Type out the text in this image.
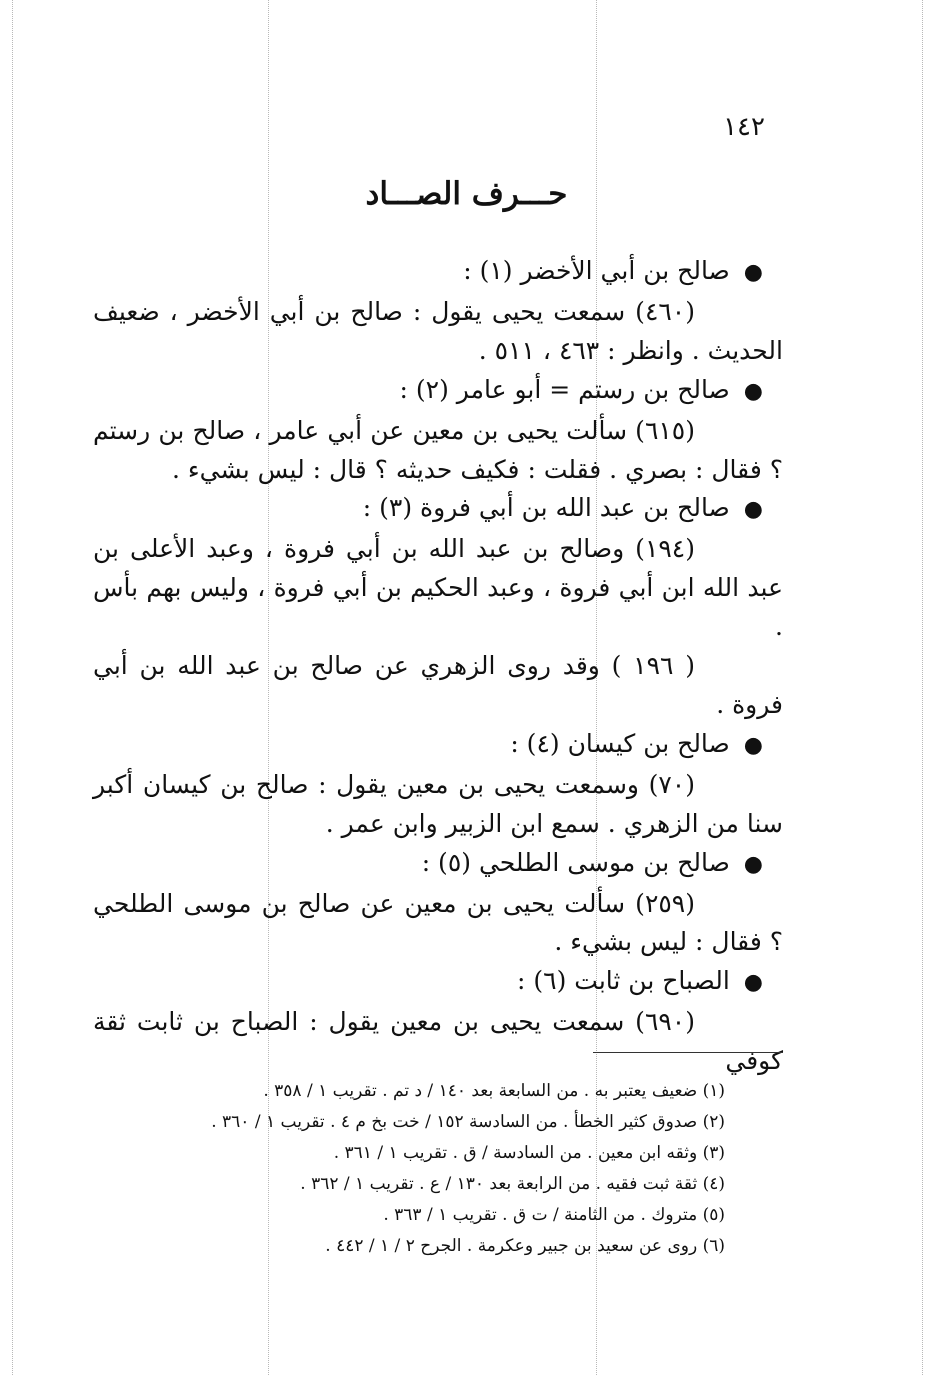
١٤٢
حـــرف الصـــاد

●صالح بن أبي الأخضر (١) :

(٤٦٠) سمعت يحيى يقول : صالح بن أبي الأخضر ، ضعيف الحديث . وانظر : ٤٦٣ ، ٥١١ .

●صالح بن رستم = أبو عامر (٢) :

(٦١٥) سألت يحيى بن معين عن أبي عامر ، صالح بن رستم ؟ فقال : بصري . فقلت : فكيف حديثه ؟ قال : ليس بشيء .

●صالح بن عبد الله بن أبي فروة (٣) :

(١٩٤) وصالح بن عبد الله بن أبي فروة ، وعبد الأعلى بن عبد الله ابن أبي فروة ، وعبد الحكيم بن أبي فروة ، وليس بهم بأس .

( ١٩٦ ) وقد روى الزهري عن صالح بن عبد الله بن أبي فروة .

●صالح بن كيسان (٤) :

(٧٠) وسمعت يحيى بن معين يقول : صالح بن كيسان أكبر سنا من الزهري . سمع ابن الزبير وابن عمر .

●صالح بن موسى الطلحي (٥) :

(٢٥٩) سألت يحيى بن معين عن صالح بن موسى الطلحي ؟ فقال : ليس بشيء .

●الصباح بن ثابت (٦) :

(٦٩٠) سمعت يحيى بن معين يقول : الصباح بن ثابت ثقة كوفي

(١) ضعيف يعتبر به . من السابعة بعد ١٤٠ / د تم . تقريب ١ / ٣٥٨ .

(٢) صدوق كثير الخطأ . من السادسة ١٥٢ / خت بخ م ٤ . تقريب ١ / ٣٦٠ .

(٣) وثقه ابن معين . من السادسة / ق . تقريب ١ / ٣٦١ .

(٤) ثقة ثبت فقيه . من الرابعة بعد ١٣٠ / ع . تقريب ١ / ٣٦٢ .

(٥) متروك . من الثامنة / ت ق . تقريب ١ / ٣٦٣ .

(٦) روى عن سعيد بن جبير وعكرمة . الجرح ٢ / ١ / ٤٤٢ .
